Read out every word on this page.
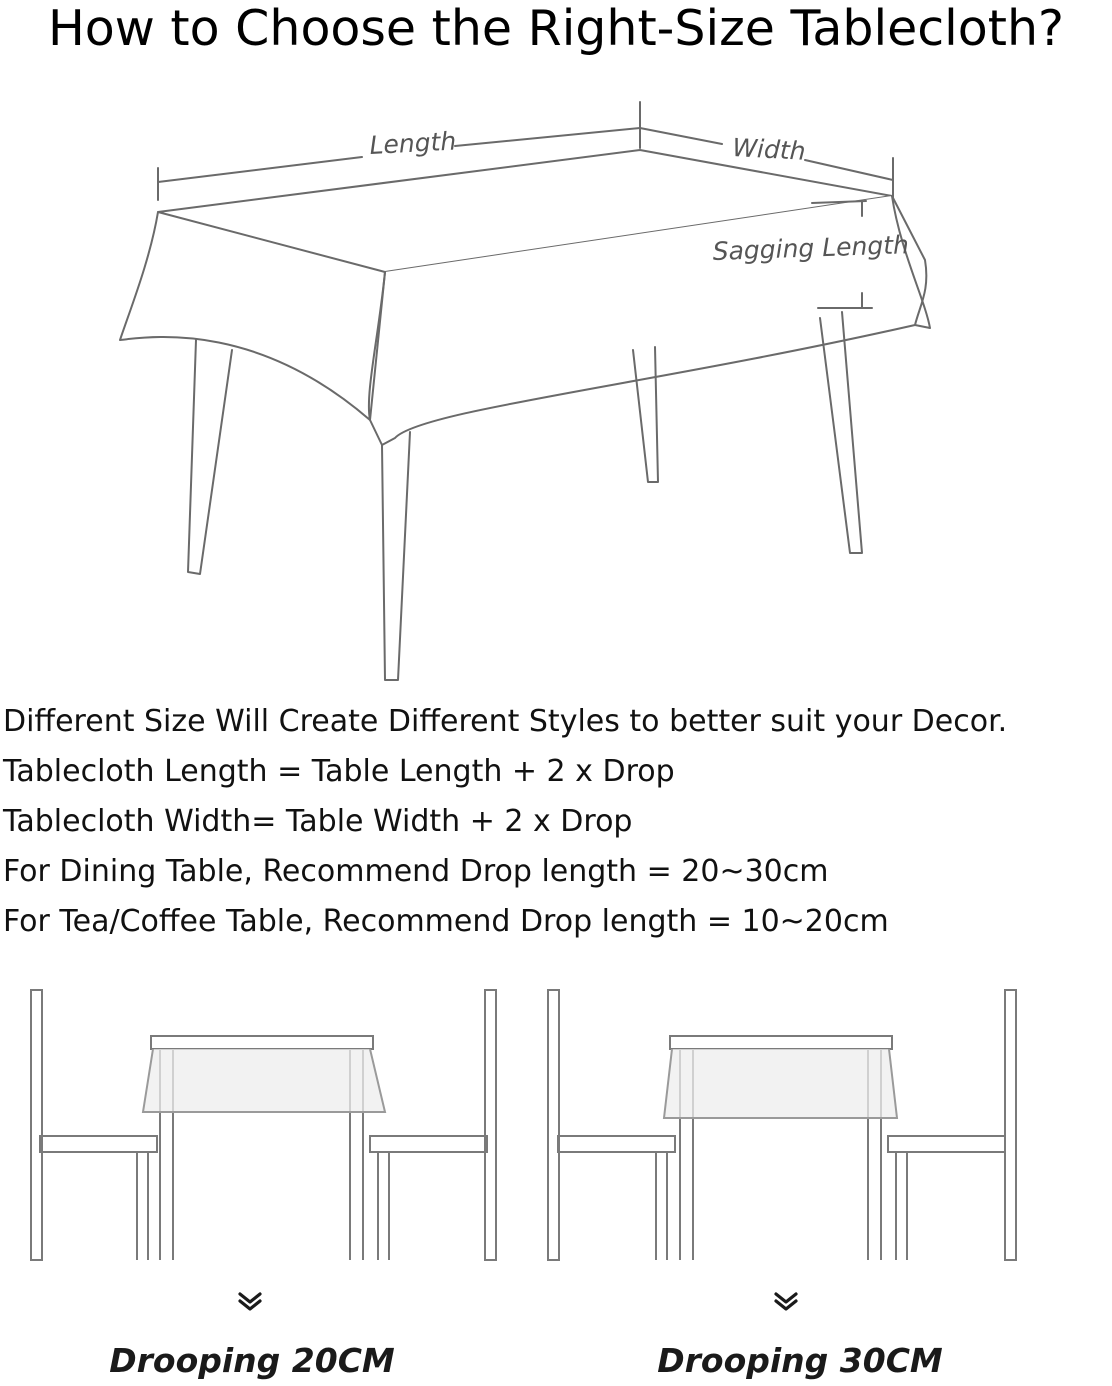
How to Choose the Right-Size Tablecloth?
Length	Width
Sagging Length
Different Size Will Create Different Styles to better suit your Decor.
Tablecloth Length = Table Length + 2 x Drop
Tablecloth Width= Table Width + 2 x Drop
For Dining Table, Recommend Drop length = 20~30cm
For Tea/Coffee Table, Recommend Drop length = 10~20cm
Drooping 20CM	Drooping 30CM
